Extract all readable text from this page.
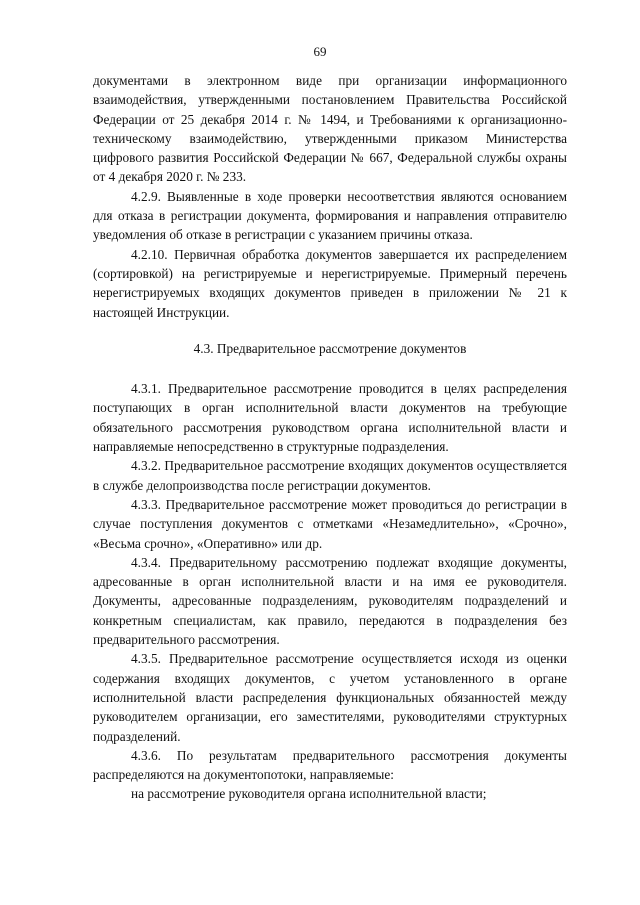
69

документами в электронном виде при организации информационного взаимодействия, утвержденными постановлением Правительства Российской Федерации от 25 декабря 2014 г. № 1494, и Требованиями к организационно-техническому взаимодействию, утвержденными приказом Министерства цифрового развития Российской Федерации № 667, Федеральной службы охраны от 4 декабря 2020 г. № 233.

4.2.9. Выявленные в ходе проверки несоответствия являются основанием для отказа в регистрации документа, формирования и направления отправителю уведомления об отказе в регистрации с указанием причины отказа.

4.2.10. Первичная обработка документов завершается их распределением (сортировкой) на регистрируемые и нерегистрируемые. Примерный перечень нерегистрируемых входящих документов приведен в приложении № 21 к настоящей Инструкции.

4.3. Предварительное рассмотрение документов

4.3.1. Предварительное рассмотрение проводится в целях распределения поступающих в орган исполнительной власти документов на требующие обязательного рассмотрения руководством органа исполнительной власти и направляемые непосредственно в структурные подразделения.

4.3.2. Предварительное рассмотрение входящих документов осуществляется в службе делопроизводства после регистрации документов.

4.3.3. Предварительное рассмотрение может проводиться до регистрации в случае поступления документов с отметками «Незамедлительно», «Срочно», «Весьма срочно», «Оперативно» или др.

4.3.4. Предварительному рассмотрению подлежат входящие документы, адресованные в орган исполнительной власти и на имя ее руководителя. Документы, адресованные подразделениям, руководителям подразделений и конкретным специалистам, как правило, передаются в подразделения без предварительного рассмотрения.

4.3.5. Предварительное рассмотрение осуществляется исходя из оценки содержания входящих документов, с учетом установленного в органе исполнительной власти распределения функциональных обязанностей между руководителем организации, его заместителями, руководителями структурных подразделений.

4.3.6. По результатам предварительного рассмотрения документы распределяются на документопотоки, направляемые:

на рассмотрение руководителя органа исполнительной власти;
